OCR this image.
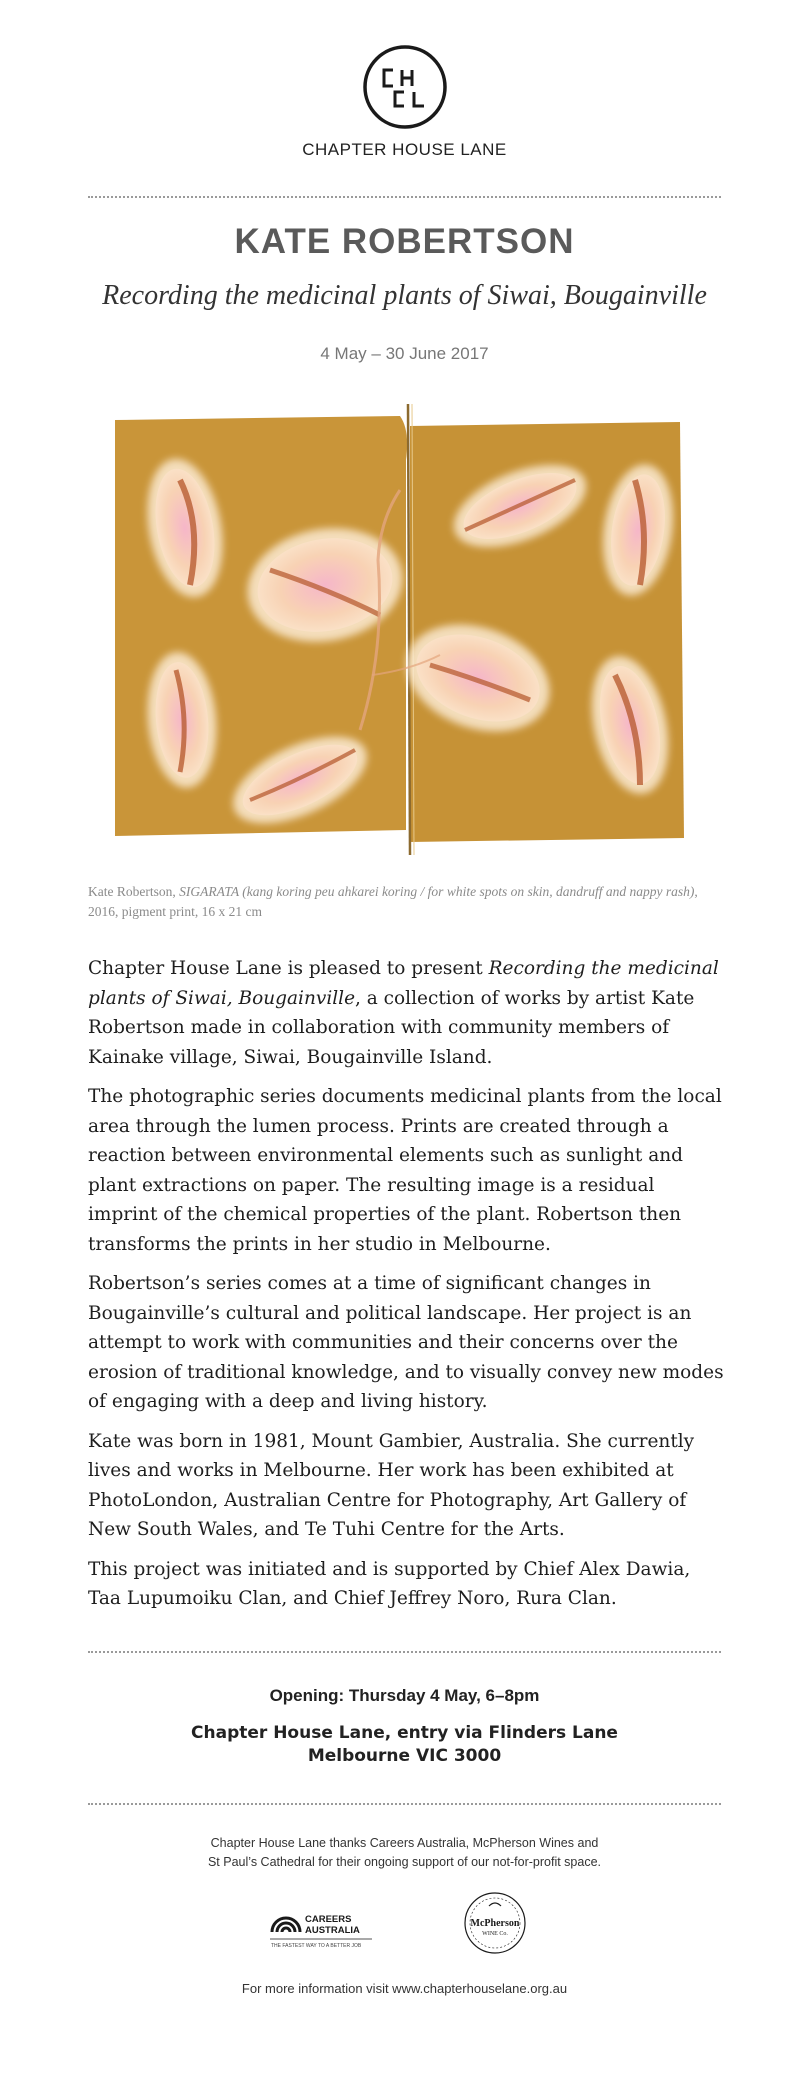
CHAPTER HOUSE LANE
KATE ROBERTSON
Recording the medicinal plants of Siwai, Bougainville
4 May – 30 June 2017
Kate Robertson, SIGARATA (kang koring peu ahkarei koring / for white spots on skin, dandruff and nappy rash), 2016, pigment print, 16 x 21 cm

Chapter House Lane is pleased to present Recording the medicinal plants of Siwai, Bougainville, a collection of works by artist Kate Robertson made in collaboration with community members of Kainake village, Siwai, Bougainville Island.

The photographic series documents medicinal plants from the local area through the lumen process. Prints are created through a reaction between environmental elements such as sunlight and plant extractions on paper. The resulting image is a residual imprint of the chemical properties of the plant. Robertson then transforms the prints in her studio in Melbourne.

Robertson’s series comes at a time of significant changes in Bougainville’s cultural and political landscape. Her project is an attempt to work with communities and their concerns over the erosion of traditional knowledge, and to visually convey new modes of engaging with a deep and living history.

Kate was born in 1981, Mount Gambier, Australia. She currently lives and works in Melbourne. Her work has been exhibited at PhotoLondon, Australian Centre for Photography, Art Gallery of New South Wales, and Te Tuhi Centre for the Arts.

This project was initiated and is supported by Chief Alex Dawia, Taa Lupumoiku Clan, and Chief Jeffrey Noro, Rura Clan.

Opening: Thursday 4 May, 6–8pm
Chapter House Lane, entry via Flinders Lane
Melbourne VIC 3000
Chapter House Lane thanks Careers Australia, McPherson Wines and
St Paul’s Cathedral for their ongoing support of our not-for-profit space.
CAREERS
AUSTRALIA
THE FASTEST WAY TO A BETTER JOB
McPherson
WINE Co.
For more information visit www.chapterhouselane.org.au
